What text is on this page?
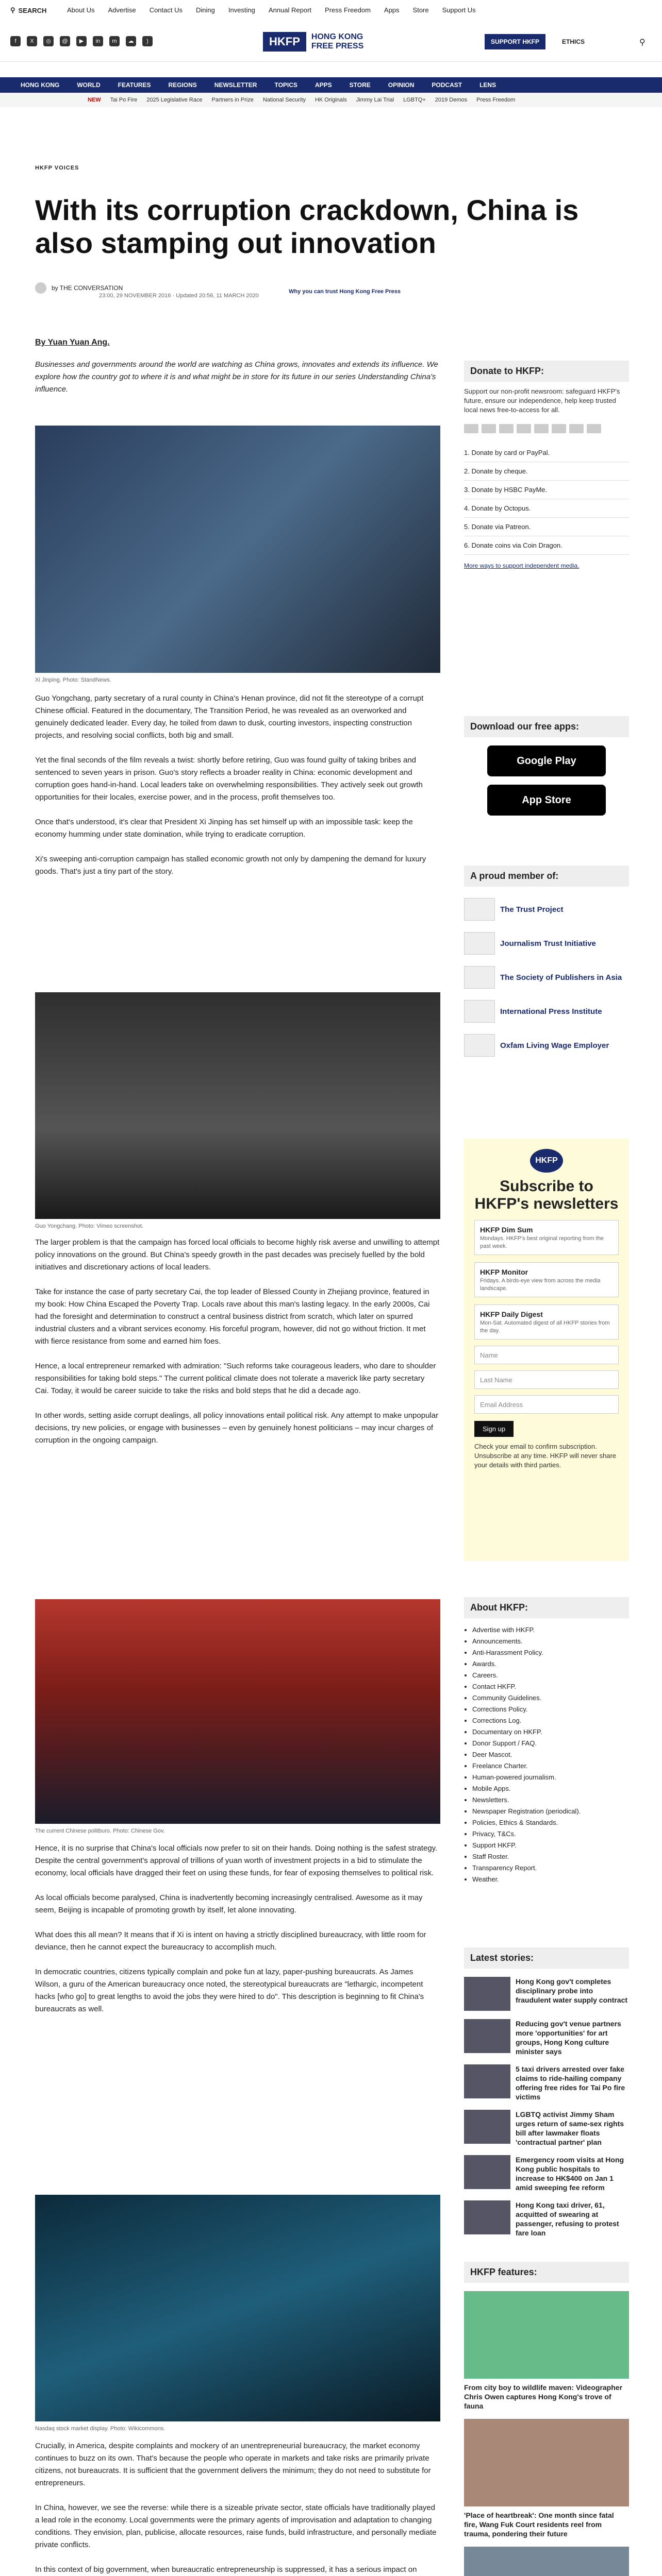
⚲ SEARCH	About Us Advertise Contact Us Dining Investing Annual Report Press Freedom Apps Store Support Us
f	X	◎	@	▶	in	m	☁	)	HKFP	HONG KONG
FREE PRESS	SUPPORT HKFP	ETHICS	⚲
HONG KONG	WORLD	FEATURES	REGIONS	NEWSLETTER	TOPICS	APPS	STORE	OPINION	PODCAST	LENS
NEW Tai Po Fire 2025 Legislative Race Partners in Prize National Security HK Originals Jimmy Lai Trial LGBTQ+ 2019 Demos Press Freedom
HKFP VOICES
With its corruption crackdown, China is also stamping out innovation
by THE CONVERSATION
23:00, 29 NOVEMBER 2016 · Updated 20:56, 11 MARCH 2020
Why you can trust Hong Kong Free Press
By Yuan Yuan Ang.

Businesses and governments around the world are watching as China grows, innovates and extends its influence. We explore how the country got to where it is and what might be in store for its future in our series Understanding China's influence.

Xi Jinping. Photo: StandNews.

Guo Yongchang, party secretary of a rural county in China's Henan province, did not fit the stereotype of a corrupt Chinese official. Featured in the documentary, The Transition Period, he was revealed as an overworked and genuinely dedicated leader. Every day, he toiled from dawn to dusk, courting investors, inspecting construction projects, and resolving social conflicts, both big and small.

Yet the final seconds of the film reveals a twist: shortly before retiring, Guo was found guilty of taking bribes and sentenced to seven years in prison. Guo's story reflects a broader reality in China: economic development and corruption goes hand-in-hand. Local leaders take on overwhelming responsibilities. They actively seek out growth opportunities for their locales, exercise power, and in the process, profit themselves too.

Once that's understood, it's clear that President Xi Jinping has set himself up with an impossible task: keep the economy humming under state domination, while trying to eradicate corruption.

Xi's sweeping anti-corruption campaign has stalled economic growth not only by dampening the demand for luxury goods. That's just a tiny part of the story.

Guo Yongchang. Photo: Vimeo screenshot.

The larger problem is that the campaign has forced local officials to become highly risk averse and unwilling to attempt policy innovations on the ground. But China's speedy growth in the past decades was precisely fuelled by the bold initiatives and discretionary actions of local leaders.

Take for instance the case of party secretary Cai, the top leader of Blessed County in Zhejiang province, featured in my book: How China Escaped the Poverty Trap. Locals rave about this man's lasting legacy. In the early 2000s, Cai had the foresight and determination to construct a central business district from scratch, which later on spurred industrial clusters and a vibrant services economy. His forceful program, however, did not go without friction. It met with fierce resistance from some and earned him foes.

Hence, a local entrepreneur remarked with admiration: "Such reforms take courageous leaders, who dare to shoulder responsibilities for taking bold steps." The current political climate does not tolerate a maverick like party secretary Cai. Today, it would be career suicide to take the risks and bold steps that he did a decade ago.

In other words, setting aside corrupt dealings, all policy innovations entail political risk. Any attempt to make unpopular decisions, try new policies, or engage with businesses – even by genuinely honest politicians – may incur charges of corruption in the ongoing campaign.

The current Chinese politburo. Photo: Chinese Gov.

Hence, it is no surprise that China's local officials now prefer to sit on their hands. Doing nothing is the safest strategy. Despite the central government's approval of trillions of yuan worth of investment projects in a bid to stimulate the economy, local officials have dragged their feet on using these funds, for fear of exposing themselves to political risk.

As local officials become paralysed, China is inadvertently becoming increasingly centralised. Awesome as it may seem, Beijing is incapable of promoting growth by itself, let alone innovating.

What does this all mean? It means that if Xi is intent on having a strictly disciplined bureaucracy, with little room for deviance, then he cannot expect the bureaucracy to accomplish much.

In democratic countries, citizens typically complain and poke fun at lazy, paper-pushing bureaucrats. As James Wilson, a guru of the American bureaucracy once noted, the stereotypical bureaucrats are "lethargic, incompetent hacks [who go] to great lengths to avoid the jobs they were hired to do". This description is beginning to fit China's bureaucrats as well.

Nasdaq stock market display. Photo: Wikicommons.

Crucially, in America, despite complaints and mockery of an unentrepreneurial bureaucracy, the market economy continues to buzz on its own. That's because the people who operate in markets and take risks are primarily private citizens, not bureaucrats. It is sufficient that the government delivers the minimum; they do not need to substitute for entrepreneurs.

In China, however, we see the reverse: while there is a sizeable private sector, state officials have traditionally played a lead role in the economy. Local governments were the primary agents of improvisation and adaptation to changing conditions. They envision, plan, publicise, allocate resources, raise funds, build infrastructure, and personally mediate private conflicts.

In this context of big government, when bureaucratic entrepreneurship is suppressed, it has a serious impact on

Donate to HKFP:
Support our non-profit newsroom: safeguard HKFP's future, ensure our independence, help keep trusted local news free-to-access for all.
1. Donate by card or PayPal.
2. Donate by cheque.
3. Donate by HSBC PayMe.
4. Donate by Octopus.
5. Donate via Patreon.
6. Donate coins via Coin Dragon.
More ways to support independent media.
Download our free apps:
Google Play
App Store
A proud member of:
The Trust Project
Journalism Trust Initiative
The Society of Publishers in Asia
International Press Institute
Oxfam Living Wage Employer
HKFP
Subscribe to HKFP's newsletters
HKFP Dim Sum
Mondays. HKFP's best original reporting from the past week.
HKFP Monitor
Fridays. A birds-eye view from across the media landscape.
HKFP Daily Digest
Mon-Sat. Automated digest of all HKFP stories from the day.
Name
Last Name
Email Address
Sign up
Check your email to confirm subscription. Unsubscribe at any time. HKFP will never share your details with third parties.
About HKFP:
• Advertise with HKFP.
• Announcements.
• Anti-Harassment Policy.
• Awards.
• Careers.
• Contact HKFP.
• Community Guidelines.
• Corrections Policy.
• Corrections Log.
• Documentary on HKFP.
• Donor Support / FAQ.
• Deer Mascot.
• Freelance Charter.
• Human-powered journalism.
• Mobile Apps.
• Newsletters.
• Newspaper Registration (periodical).
• Policies, Ethics & Standards.
• Privacy, T&Cs.
• Support HKFP.
• Staff Roster.
• Transparency Report.
• Weather.
Latest stories:
Hong Kong gov't completes disciplinary probe into fraudulent water supply contract
Reducing gov't venue partners more 'opportunities' for art groups, Hong Kong culture minister says
5 taxi drivers arrested over fake claims to ride-hailing company offering free rides for Tai Po fire victims
LGBTQ activist Jimmy Sham urges return of same-sex rights bill after lawmaker floats 'contractual partner' plan
Emergency room visits at Hong Kong public hospitals to increase to HK$400 on Jan 1 amid sweeping fee reform
Hong Kong taxi driver, 61, acquitted of swearing at passenger, refusing to protest fare loan
HKFP features:
From city boy to wildlife maven: Videographer Chris Owen captures Hong Kong's trove of fauna
'Place of heartbreak': One month since fatal fire, Wang Fuk Court residents reel from trauma, pondering their future
